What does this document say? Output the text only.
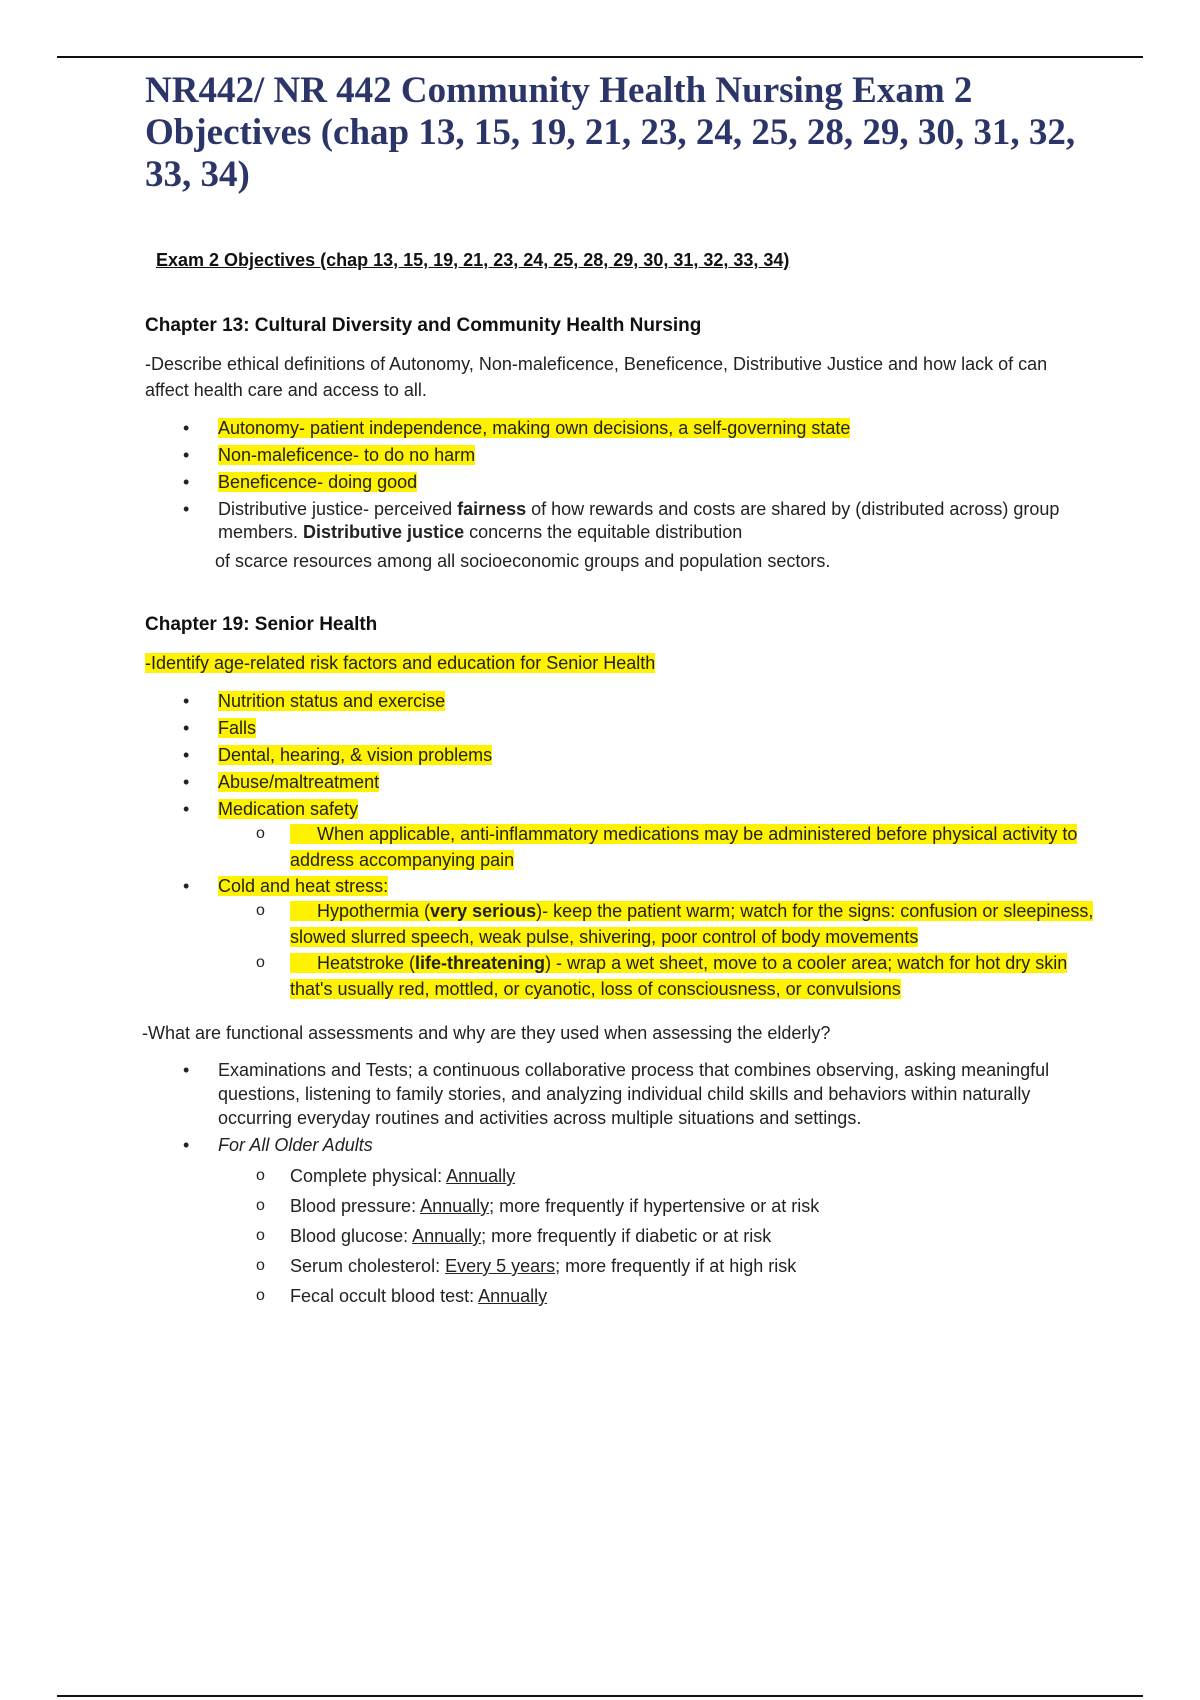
NR442/ NR 442 Community Health Nursing Exam 2 Objectives (chap 13, 15, 19, 21, 23, 24, 25, 28, 29, 30, 31, 32, 33, 34)
Exam 2 Objectives (chap 13, 15, 19, 21, 23, 24, 25, 28, 29, 30, 31, 32, 33, 34)
Chapter 13: Cultural Diversity and Community Health Nursing

-Describe ethical definitions of Autonomy, Non-maleficence, Beneficence, Distributive Justice and how lack of can affect health care and access to all.

• Autonomy- patient independence, making own decisions, a self-governing state
• Non-maleficence- to do no harm
• Beneficence- doing good
• Distributive justice- perceived fairness of how rewards and costs are shared by (distributed across) group members. Distributive justice concerns the equitable distribution

of scarce resources among all socioeconomic groups and population sectors.

Chapter 19: Senior Health

-Identify age-related risk factors and education for Senior Health

• Nutrition status and exercise
• Falls
• Dental, hearing, & vision problems
• Abuse/maltreatment
• Medication safety
o When applicable, anti-inflammatory medications may be administered before physical activity to address accompanying pain
• Cold and heat stress:
o Hypothermia (very serious)- keep the patient warm; watch for the signs: confusion or sleepiness, slowed slurred speech, weak pulse, shivering, poor control of body movements
o Heatstroke (life-threatening) - wrap a wet sheet, move to a cooler area; watch for hot dry skin that's usually red, mottled, or cyanotic, loss of consciousness, or convulsions

-What are functional assessments and why are they used when assessing the elderly?

• Examinations and Tests; a continuous collaborative process that combines observing, asking meaningful questions, listening to family stories, and analyzing individual child skills and behaviors within naturally occurring everyday routines and activities across multiple situations and settings.
• For All Older Adults
o Complete physical: Annually
o Blood pressure: Annually; more frequently if hypertensive or at risk
o Blood glucose: Annually; more frequently if diabetic or at risk
o Serum cholesterol: Every 5 years; more frequently if at high risk
o Fecal occult blood test: Annually
